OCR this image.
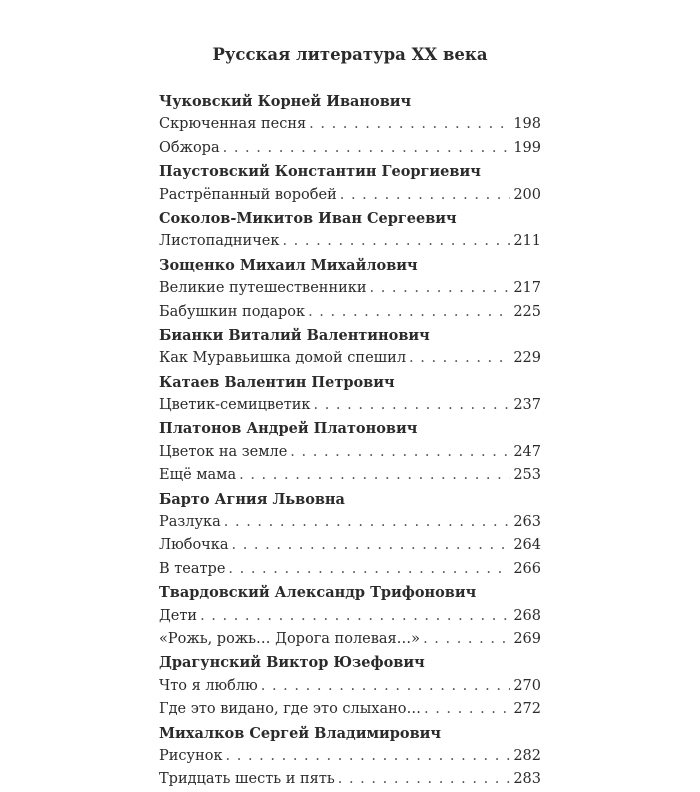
Русская литература XX века
Чуковский Корней Иванович
Скрюченная песня . . .	198
Обжора . . .	199
Паустовский Константин Георгиевич
Растрёпанный воробей . . .	200
Соколов-Микитов Иван Сергеевич
Листопадничек . . .	211
Зощенко Михаил Михайлович
Великие путешественники . . .	217
Бабушкин подарок . . .	225
Бианки Виталий Валентинович
Как Муравьишка домой спешил . . .	229
Катаев Валентин Петрович
Цветик-семицветик . . .	237
Платонов Андрей Платонович
Цветок на земле . . .	247
Ещё мама . . .	253
Барто Агния Львовна
Разлука . . .	263
Любочка . . .	264
В театре . . .	266
Твардовский Александр Трифонович
Дети . . .	268
«Рожь, рожь… Дорога полевая…» . . .	269
Драгунский Виктор Юзефович
Что я люблю . . .	270
Где это видано, где это слыхано… . . .	272
Михалков Сергей Владимирович
Рисунок . . .	282
Тридцать шесть и пять . . .	283
